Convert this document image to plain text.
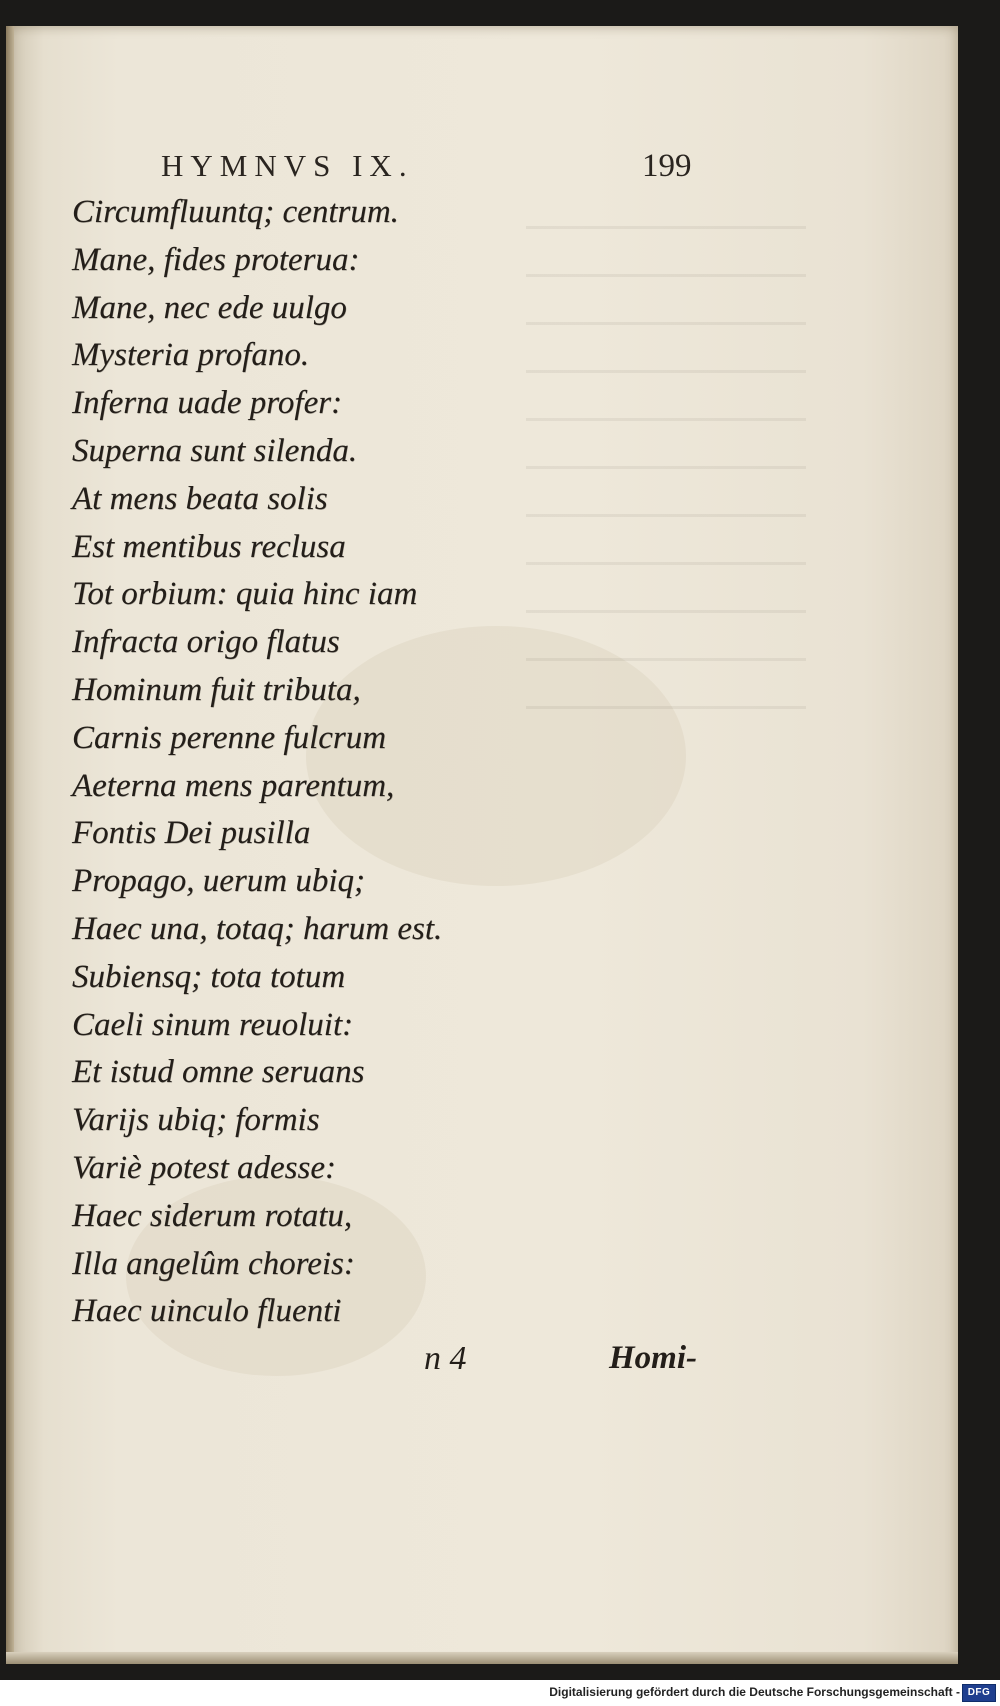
HYMNVS IX.	199
Circumfluuntq; centrum.
Mane, fides proterua:
Mane, nec ede uulgo
Mysteria profano.
Inferna uade profer:
Superna sunt silenda.
At mens beata solis
Est mentibus reclusa
Tot orbium: quia hinc iam
Infracta origo flatus
Hominum fuit tributa,
Carnis perenne fulcrum
Aeterna mens parentum,
Fontis Dei pusilla
Propago, uerum ubiq;
Haec una, totaq; harum est.
Subiensq; tota totum
Caeli sinum reuoluit:
Et istud omne seruans
Varijs ubiq; formis
Variè potest adesse:
Haec siderum rotatu,
Illa angelûm choreis:
Haec uinculo fluenti
n 4	Homi-
Digitalisierung gefördert durch die Deutsche Forschungsgemeinschaft - DFG
